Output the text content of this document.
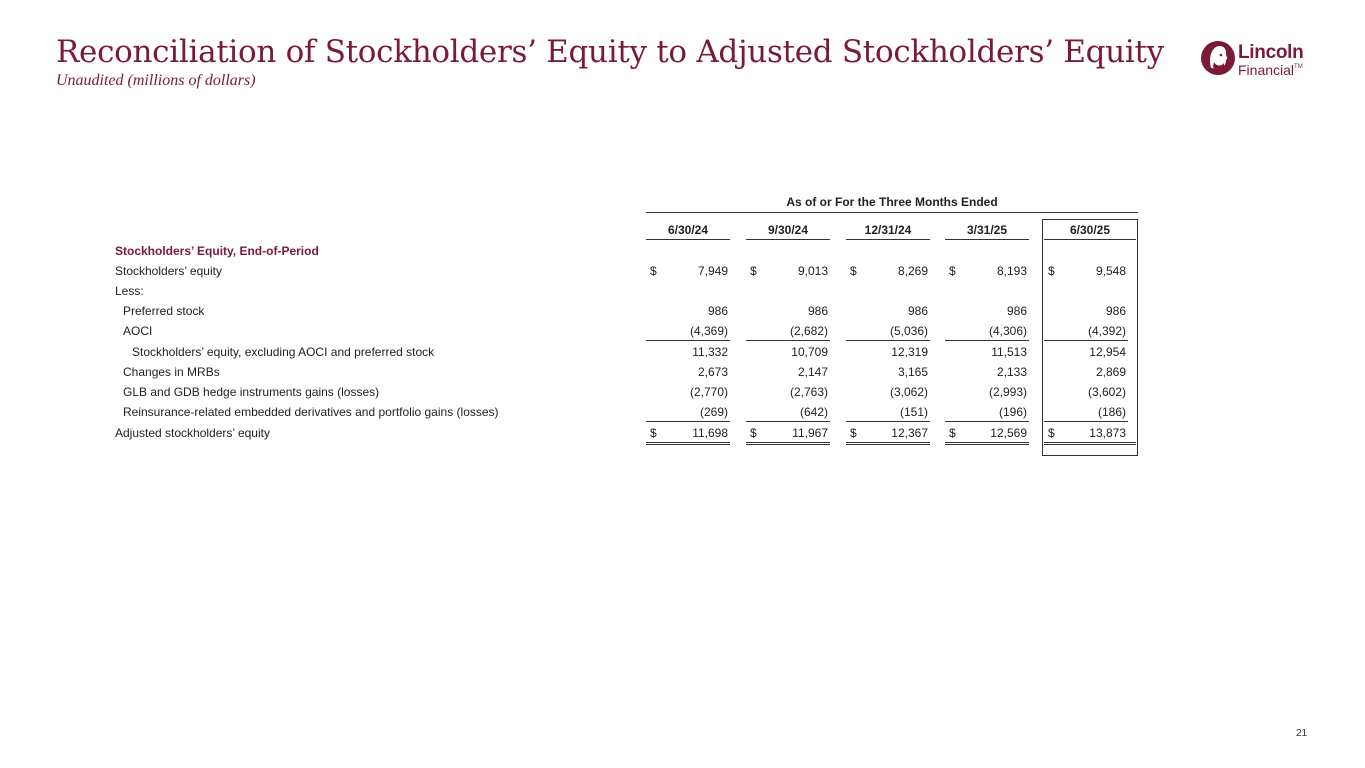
Reconciliation of Stockholders’ Equity to Adjusted Stockholders’ Equity
Unaudited (millions of dollars)
Lincoln
Financial™
As of or For the Three Months Ended
6/30/24	9/30/24	12/31/24	3/31/25	6/30/25
Stockholders’ Equity, End-of-Period
Stockholders’ equity	$	7,949 $	9,013 $	8,269 $	8,193 $	9,548
Less:
Preferred stock	986	986	986	986	986
AOCI	(4,369)	(2,682)	(5,036)	(4,306)	(4,392)
Stockholders’ equity, excluding AOCI and preferred stock	11,332	10,709	12,319	11,513	12,954
Changes in MRBs	2,673	2,147	3,165	2,133	2,869
GLB and GDB hedge instruments gains (losses)	(2,770)	(2,763)	(3,062)	(2,993)	(3,602)
Reinsurance-related embedded derivatives and portfolio gains (losses)	(269)	(642)	(151)	(196)	(186)
Adjusted stockholders’ equity	$	11,698 $	11,967 $	12,367 $	12,569 $	13,873
21
